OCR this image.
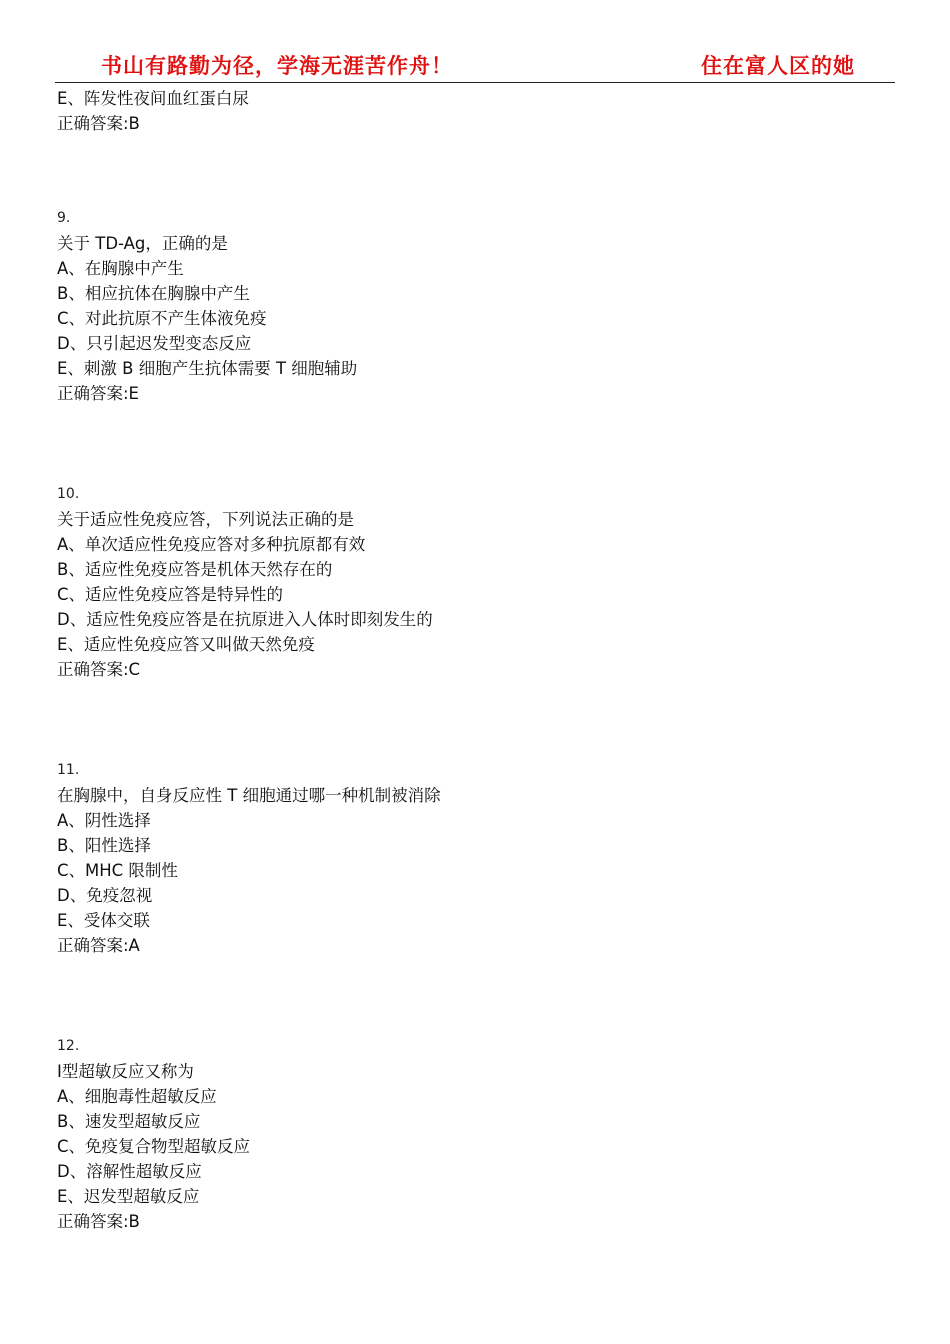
书山有路勤为径，学海无涯苦作舟！	住在富人区的她
E、阵发性夜间血红蛋白尿
正确答案:B
9.
关于 TD-Ag，正确的是
A、在胸腺中产生
B、相应抗体在胸腺中产生
C、对此抗原不产生体液免疫
D、只引起迟发型变态反应
E、刺激 B 细胞产生抗体需要 T 细胞辅助
正确答案:E
10.
关于适应性免疫应答，下列说法正确的是
A、单次适应性免疫应答对多种抗原都有效
B、适应性免疫应答是机体天然存在的
C、适应性免疫应答是特异性的
D、适应性免疫应答是在抗原进入人体时即刻发生的
E、适应性免疫应答又叫做天然免疫
正确答案:C
11.
在胸腺中，自身反应性 T 细胞通过哪一种机制被消除
A、阴性选择
B、阳性选择
C、MHC 限制性
D、免疫忽视
E、受体交联
正确答案:A
12.
Ⅰ型超敏反应又称为
A、细胞毒性超敏反应
B、速发型超敏反应
C、免疫复合物型超敏反应
D、溶解性超敏反应
E、迟发型超敏反应
正确答案:B
